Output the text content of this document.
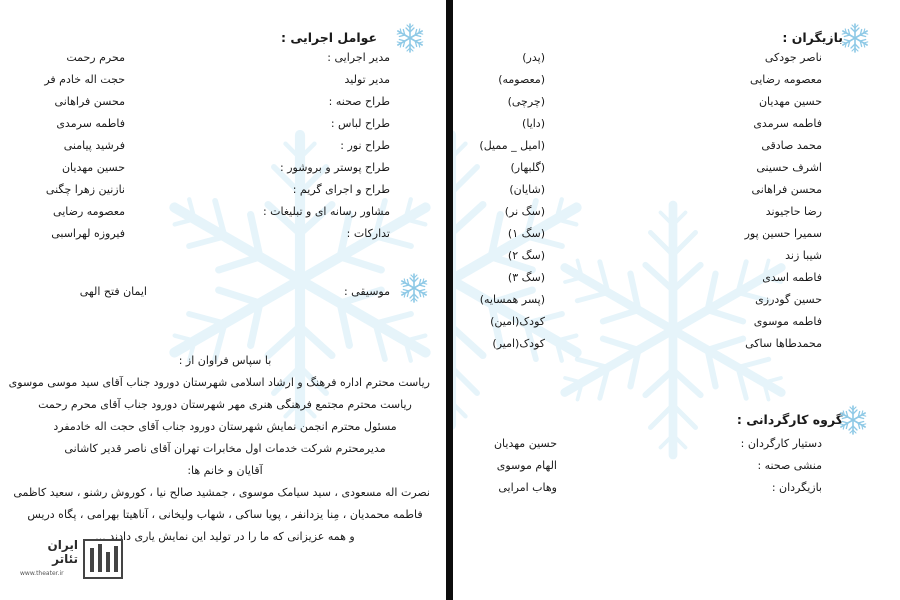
عوامل اجرایی :
مدیر اجرایی :
محرم رحمت
مدیر تولید
حجت اله خادم فر
طراح صحنه :
محسن فراهانی
طراح لباس :
فاطمه سرمدی
طراح نور :
فرشید پیامنی
طراح پوستر و بروشور :
حسین مهدیان
طراح و اجرای گریم :
نازنین زهرا چگنی
مشاور رسانه ای و تبلیغات :
معصومه رضایی
تدارکات :
فیروزه لهراسبی
موسیقی :
ایمان فتح الهی
با سپاس فراوان از :
ریاست محترم اداره فرهنگ و ارشاد اسلامی شهرستان دورود جناب آقای سید موسی موسوی
ریاست محترم مجتمع فرهنگی هنری مهر شهرستان دورود جناب آقای محرم رحمت
مسئول محترم انجمن نمایش شهرستان دورود جناب آقای حجت اله خادمفرد
مدیرمحترم شرکت خدمات اول مخابرات تهران آقای ناصر قدیر کاشانی
آقایان و خانم ها:
نصرت اله مسعودی ، سید سیامک موسوی ، جمشید صالح نیا ، کوروش رشنو ، سعید کاظمی
فاطمه محمدیان ، مِنا یزدانفر ، پویا ساکی ، شهاب ولیخانی ، آناهیتا بهرامی ، پگاه دریس
و همه عزیزانی که ما را در تولید این نمایش یاری دادند ...
ایران تئاتر
www.theater.ir
بازیگران :
ناصر جودکی
(پدر)
معصومه رضایی
(معصومه)
حسین مهدیان
(چرچی)
فاطمه سرمدی
(دایا)
محمد صادقی
(امیل _ ممیل)
اشرف حسینی
(گلبهار)
محسن فراهانی
(شایان)
رضا حاجیوند
(سگ نر)
سمیرا حسین پور
(سگ ۱)
شیبا زند
(سگ ۲)
فاطمه اسدی
(سگ ۳)
حسین گودرزی
(پسر همسایه)
فاطمه موسوی
کودک(امین)
محمدطاها ساکی
کودک(امیر)
گروه کارگردانی :
دستیار کارگردان :
حسین مهدیان
منشی صحنه :
الهام موسوی
بازیگردان :
وهاب امرایی
